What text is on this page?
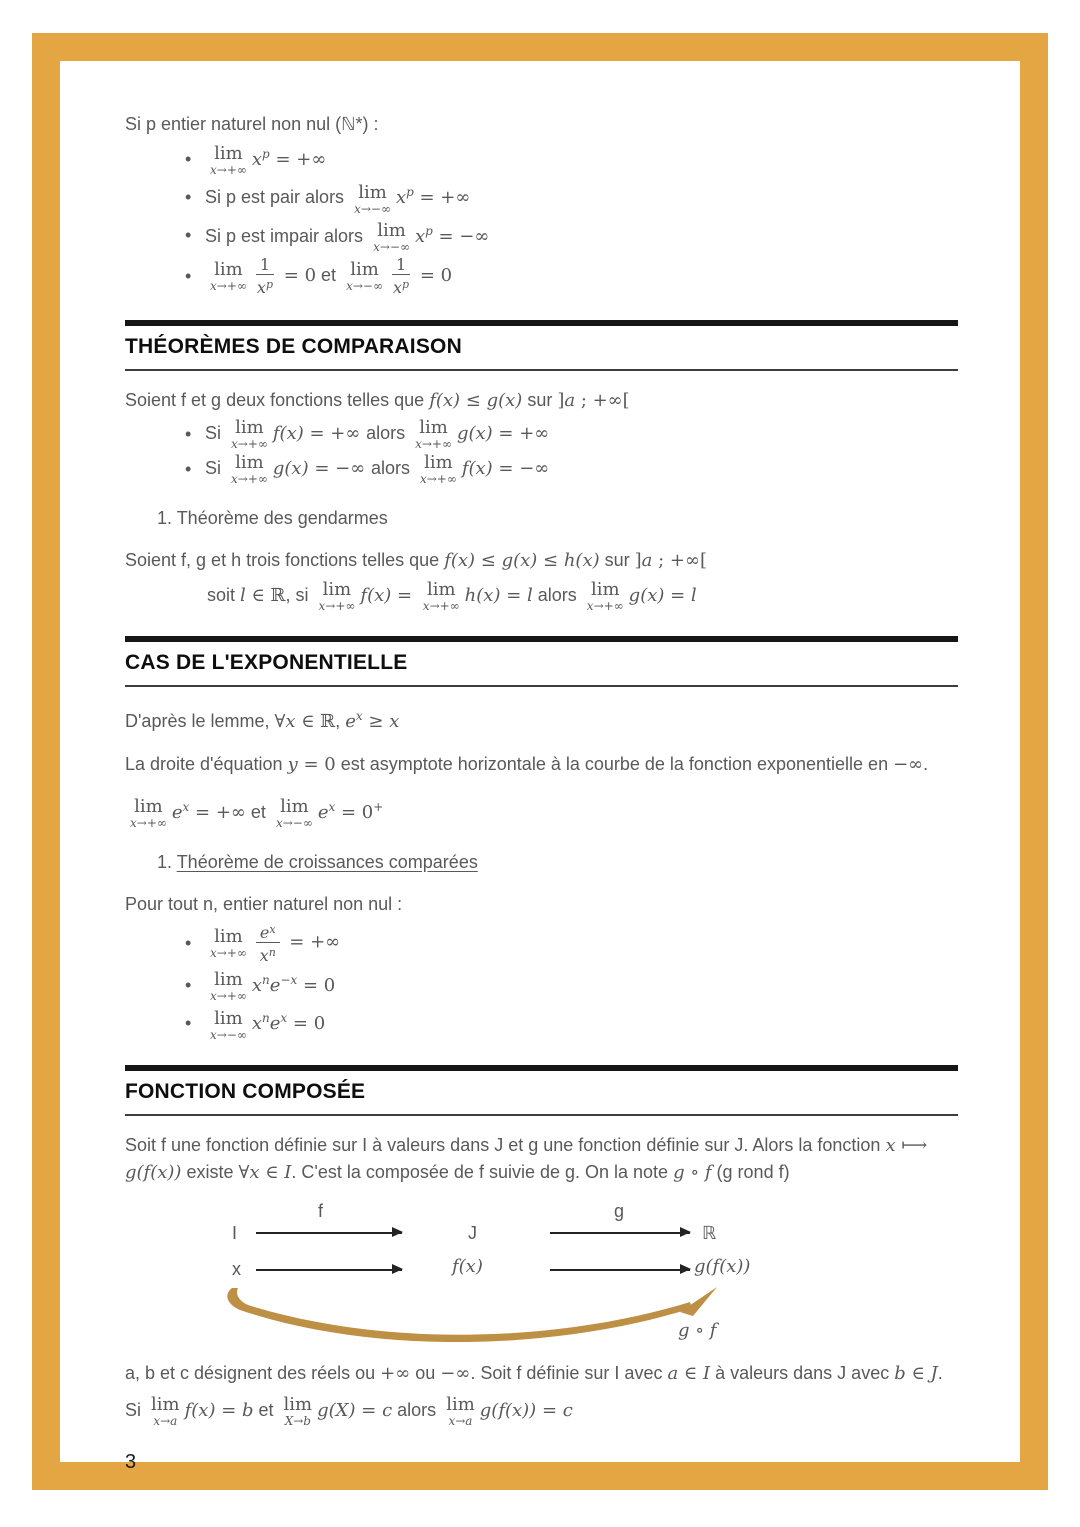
Si p entier naturel non nul (ℕ*) :

•	lim
x→+∞
$x^p$ = +∞
• Si p est pair alors lim
x→−∞
$x^p$ = +∞
• Si p est impair alors lim
x→−∞
$x^p$ = −∞
•	lim
$x\to+\infty \frac{1}{x^p} = 0$ et lim
$x\to-\infty \frac{1}{x^p} = 0$
THÉORÈMES DE COMPARAISON

Soient f et g deux fonctions telles que f(x) ≤ g(x) sur ]a ; +∞[

• Si lim
x→+∞
f(x) = +∞ alors lim
x→+∞
g(x) = +∞
• Si lim
x→+∞
g(x) = −∞ alors lim
x→+∞
f(x) = −∞

1. Théorème des gendarmes

Soient f, g et h trois fonctions telles que f(x) ≤ g(x) ≤ h(x) sur ]a ; +∞[

soit l ∈ ℝ, si lim
x→+∞
f(x) = lim
x→+∞
h(x) = l alors lim
x→+∞
g(x) = l

CAS DE L'EXPONENTIELLE

D'après le lemme, ∀x ∈ ℝ, $e^x \ge x$

La droite d'équation y = 0 est asymptote horizontale à la courbe de la fonction exponentielle en −∞.

lim
x→+∞
$e^x$ = +∞ et lim
x→−∞
$e^x = 0^+$

1. Théorème de croissances comparées

Pour tout n, entier naturel non nul :

•	lim
$x\to+\infty \frac{e^x}{x^n}$ = +∞
•	lim
x→+∞
$x^ne^{-x} = 0$
•	lim
x→−∞
$x^ne^x = 0$
FONCTION COMPOSÉE

Soit f une fonction définie sur I à valeurs dans J et g une fonction définie sur J. Alors la fonction x ⟼ g(f(x)) existe ∀x ∈ I. C'est la composée de f suivie de g. On la note g ∘ f (g rond f)

I
f
J
g
ℝ
x	f(x)	g(f(x))
g ∘ f

a, b et c désignent des réels ou +∞ ou −∞. Soit f définie sur I avec a ∈ I à valeurs dans J avec b ∈ J.

Si lim
x→a
f(x) = b et lim
X→b
g(X) = c alors lim
x→a
g(f(x)) = c

3
